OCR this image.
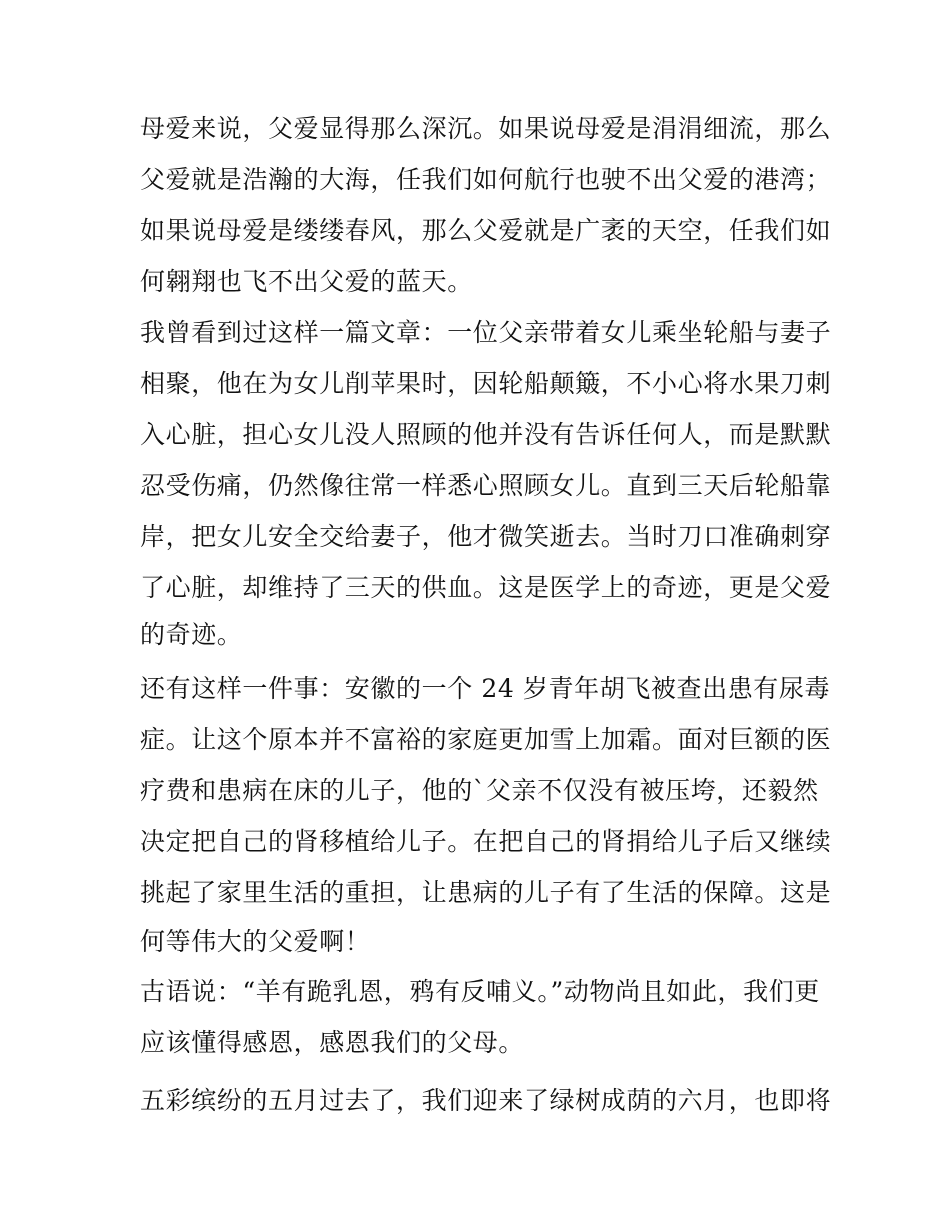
母爱来说，父爱显得那么深沉。如果说母爱是涓涓细流，那么
父爱就是浩瀚的大海，任我们如何航行也驶不出父爱的港湾；
如果说母爱是缕缕春风，那么父爱就是广袤的天空，任我们如
何翱翔也飞不出父爱的蓝天。
我曾看到过这样一篇文章：一位父亲带着女儿乘坐轮船与妻子
相聚，他在为女儿削苹果时，因轮船颠簸，不小心将水果刀刺
入心脏，担心女儿没人照顾的他并没有告诉任何人，而是默默
忍受伤痛，仍然像往常一样悉心照顾女儿。直到三天后轮船靠
岸，把女儿安全交给妻子，他才微笑逝去。当时刀口准确刺穿
了心脏，却维持了三天的供血。这是医学上的奇迹，更是父爱
的奇迹。
还有这样一件事：安徽的一个 24 岁青年胡飞被查出患有尿毒
症。让这个原本并不富裕的家庭更加雪上加霜。面对巨额的医
疗费和患病在床的儿子，他的`父亲不仅没有被压垮，还毅然
决定把自己的肾移植给儿子。在把自己的肾捐给儿子后又继续
挑起了家里生活的重担，让患病的儿子有了生活的保障。这是
何等伟大的父爱啊！
古语说：“羊有跪乳恩，鸦有反哺义。”动物尚且如此，我们更
应该懂得感恩，感恩我们的父母。
五彩缤纷的五月过去了，我们迎来了绿树成荫的六月，也即将
